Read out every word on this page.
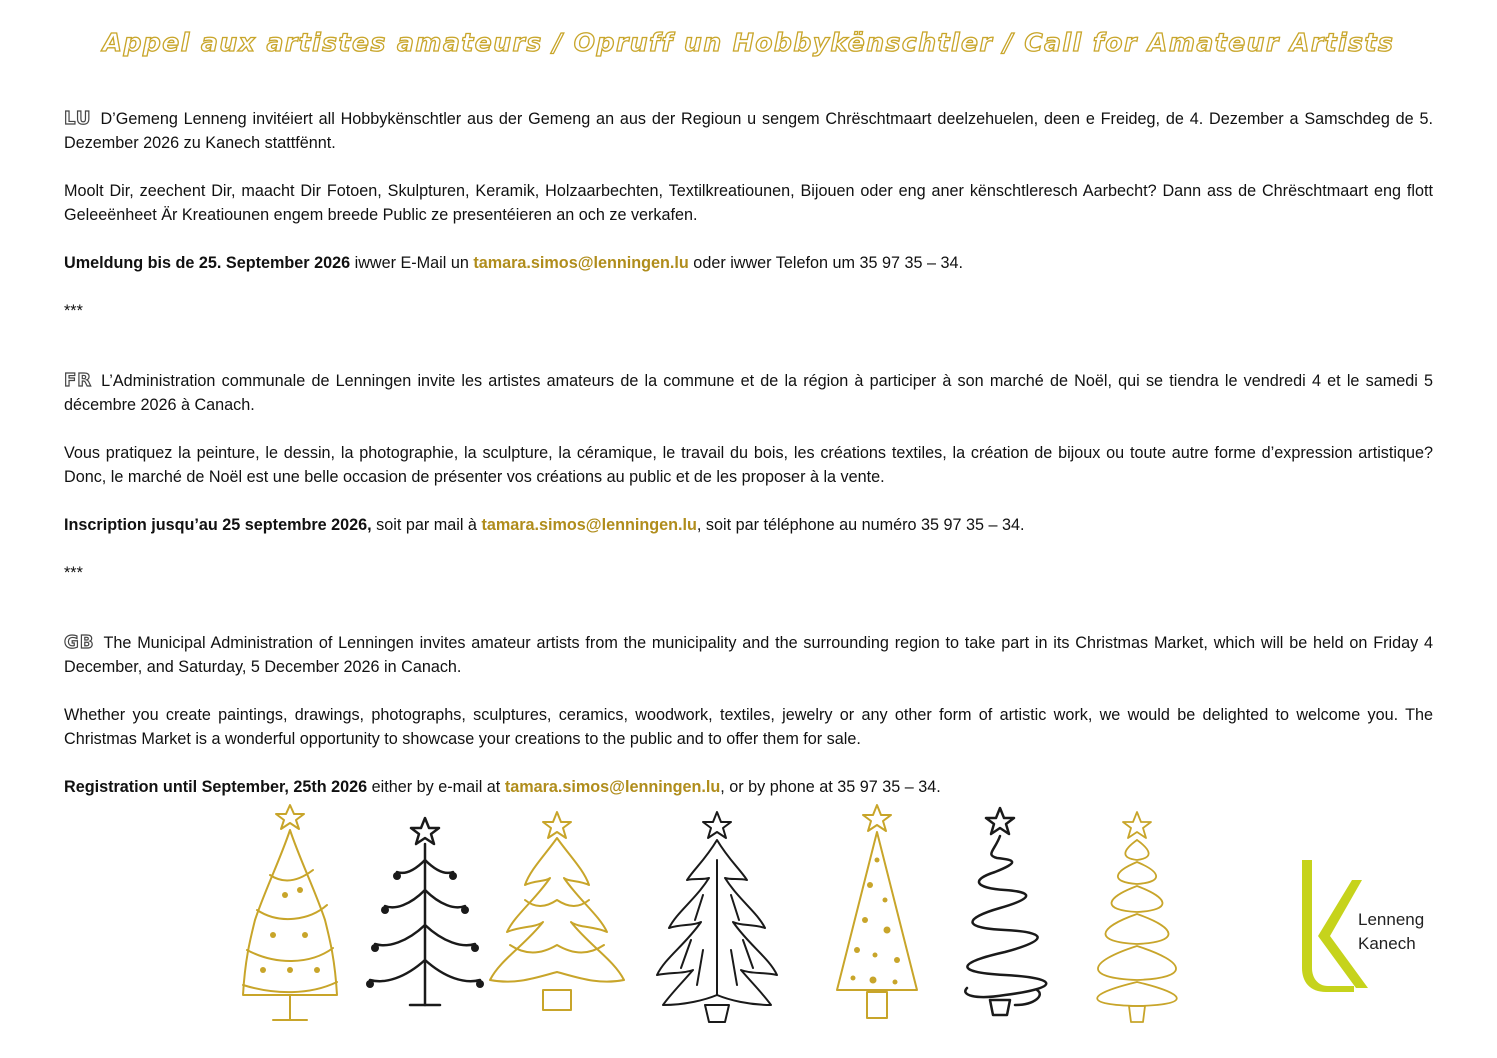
Appel aux artistes amateurs / Opruff un Hobbykënschtler / Call for Amateur Artists

LU D’Gemeng Lenneng invitéiert all Hobbykënschtler aus der Gemeng an aus der Regioun u sengem Chrëschtmaart deelzehuelen, deen e Freideg, de 4. Dezember a Samschdeg de 5. Dezember 2026 zu Kanech stattfënnt.

Moolt Dir, zeechent Dir, maacht Dir Fotoen, Skulpturen, Keramik, Holzaarbechten, Textilkreatiounen, Bijouen oder eng aner kënschtleresch Aarbecht? Dann ass de Chrëschtmaart eng flott Geleeënheet Är Kreatiounen engem breede Public ze presentéieren an och ze verkafen.

Umeldung bis de 25. September 2026 iwwer E-Mail un tamara.simos@lenningen.lu oder iwwer Telefon um 35 97 35 – 34.

***

FR L’Administration communale de Lenningen invite les artistes amateurs de la commune et de la région à participer à son marché de Noël, qui se tiendra le vendredi 4 et le samedi 5 décembre 2026 à Canach.

Vous pratiquez la peinture, le dessin, la photographie, la sculpture, la céramique, le travail du bois, les créations textiles, la création de bijoux ou toute autre forme d’expression artistique? Donc, le marché de Noël est une belle occasion de présenter vos créations au public et de les proposer à la vente.

Inscription jusqu’au 25 septembre 2026, soit par mail à tamara.simos@lenningen.lu, soit par téléphone au numéro 35 97 35 – 34.

***

GB The Municipal Administration of Lenningen invites amateur artists from the municipality and the surrounding region to take part in its Christmas Market, which will be held on Friday 4 December, and Saturday, 5 December 2026 in Canach.

Whether you create paintings, drawings, photographs, sculptures, ceramics, woodwork, textiles, jewelry or any other form of artistic work, we would be delighted to welcome you. The Christmas Market is a wonderful opportunity to showcase your creations to the public and to offer them for sale.

Registration until September, 25th 2026 either by e-mail at tamara.simos@lenningen.lu, or by phone at 35 97 35 – 34.

Lenneng
Kanech
